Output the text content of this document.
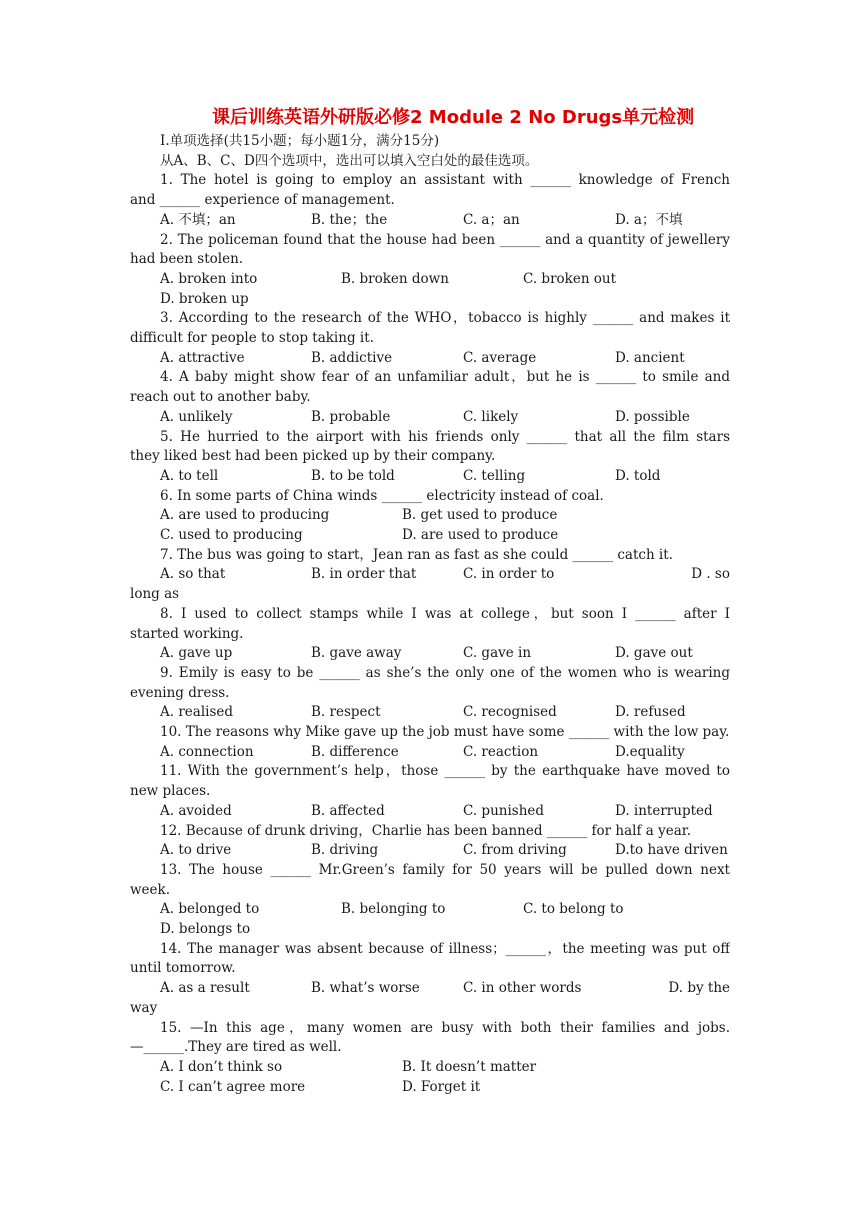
课后训练英语外研版必修2 Module 2 No Drugs单元检测
Ⅰ.单项选择(共15小题；每小题1分，满分15分)
从A、B、C、D四个选项中，选出可以填入空白处的最佳选项。
1. The hotel is going to employ an assistant with ______ knowledge of French
and ______ experience of management.
A. 不填；an	B. the；the	C. a；an	D. a；不填
2. The policeman found that the house had been ______ and a quantity of jewellery
had been stolen.
A. broken into	B. broken down	C. broken out
D. broken up
3. According to the research of the WHO，tobacco is highly ______ and makes it
difficult for people to stop taking it.
A. attractive	B. addictive	C. average	D. ancient
4. A baby might show fear of an unfamiliar adult，but he is ______ to smile and
reach out to another baby.
A. unlikely	B. probable	C. likely	D. possible
5. He hurried to the airport with his friends only ______ that all the film stars
they liked best had been picked up by their company.
A. to tell	B. to be told	C. telling	D. told
6. In some parts of China winds ______ electricity instead of coal.
A. are used to producing	B. get used to produce
C. used to producing	D. are used to produce
7. The bus was going to start，Jean ran as fast as she could ______ catch it.
A. so that	B. in order that	C. in order to	D . so
long as
8. I used to collect stamps while I was at college，but soon I ______ after I
started working.
A. gave up	B. gave away	C. gave in	D. gave out
9. Emily is easy to be ______ as she’s the only one of the women who is wearing
evening dress.
A. realised	B. respect	C. recognised	D. refused
10. The reasons why Mike gave up the job must have some ______ with the low pay.
A. connection	B. difference	C. reaction	D.equality
11. With the government’s help，those ______ by the earthquake have moved to
new places.
A. avoided	B. affected	C. punished	D. interrupted
12. Because of drunk driving，Charlie has been banned ______ for half a year.
A. to drive	B. driving	C. from driving	D.to have driven
13. The house ______ Mr.Green’s family for 50 years will be pulled down next
week.
A. belonged to	B. belonging to	C. to belong to
D. belongs to
14. The manager was absent because of illness；______，the meeting was put off
until tomorrow.
A. as a result	B. what’s worse	C. in other words	D. by the
way
15. —In this age，many women are busy with both their families and jobs.
—______.They are tired as well.
A. I don’t think so	B. It doesn’t matter
C. I can’t agree more	D. Forget it
